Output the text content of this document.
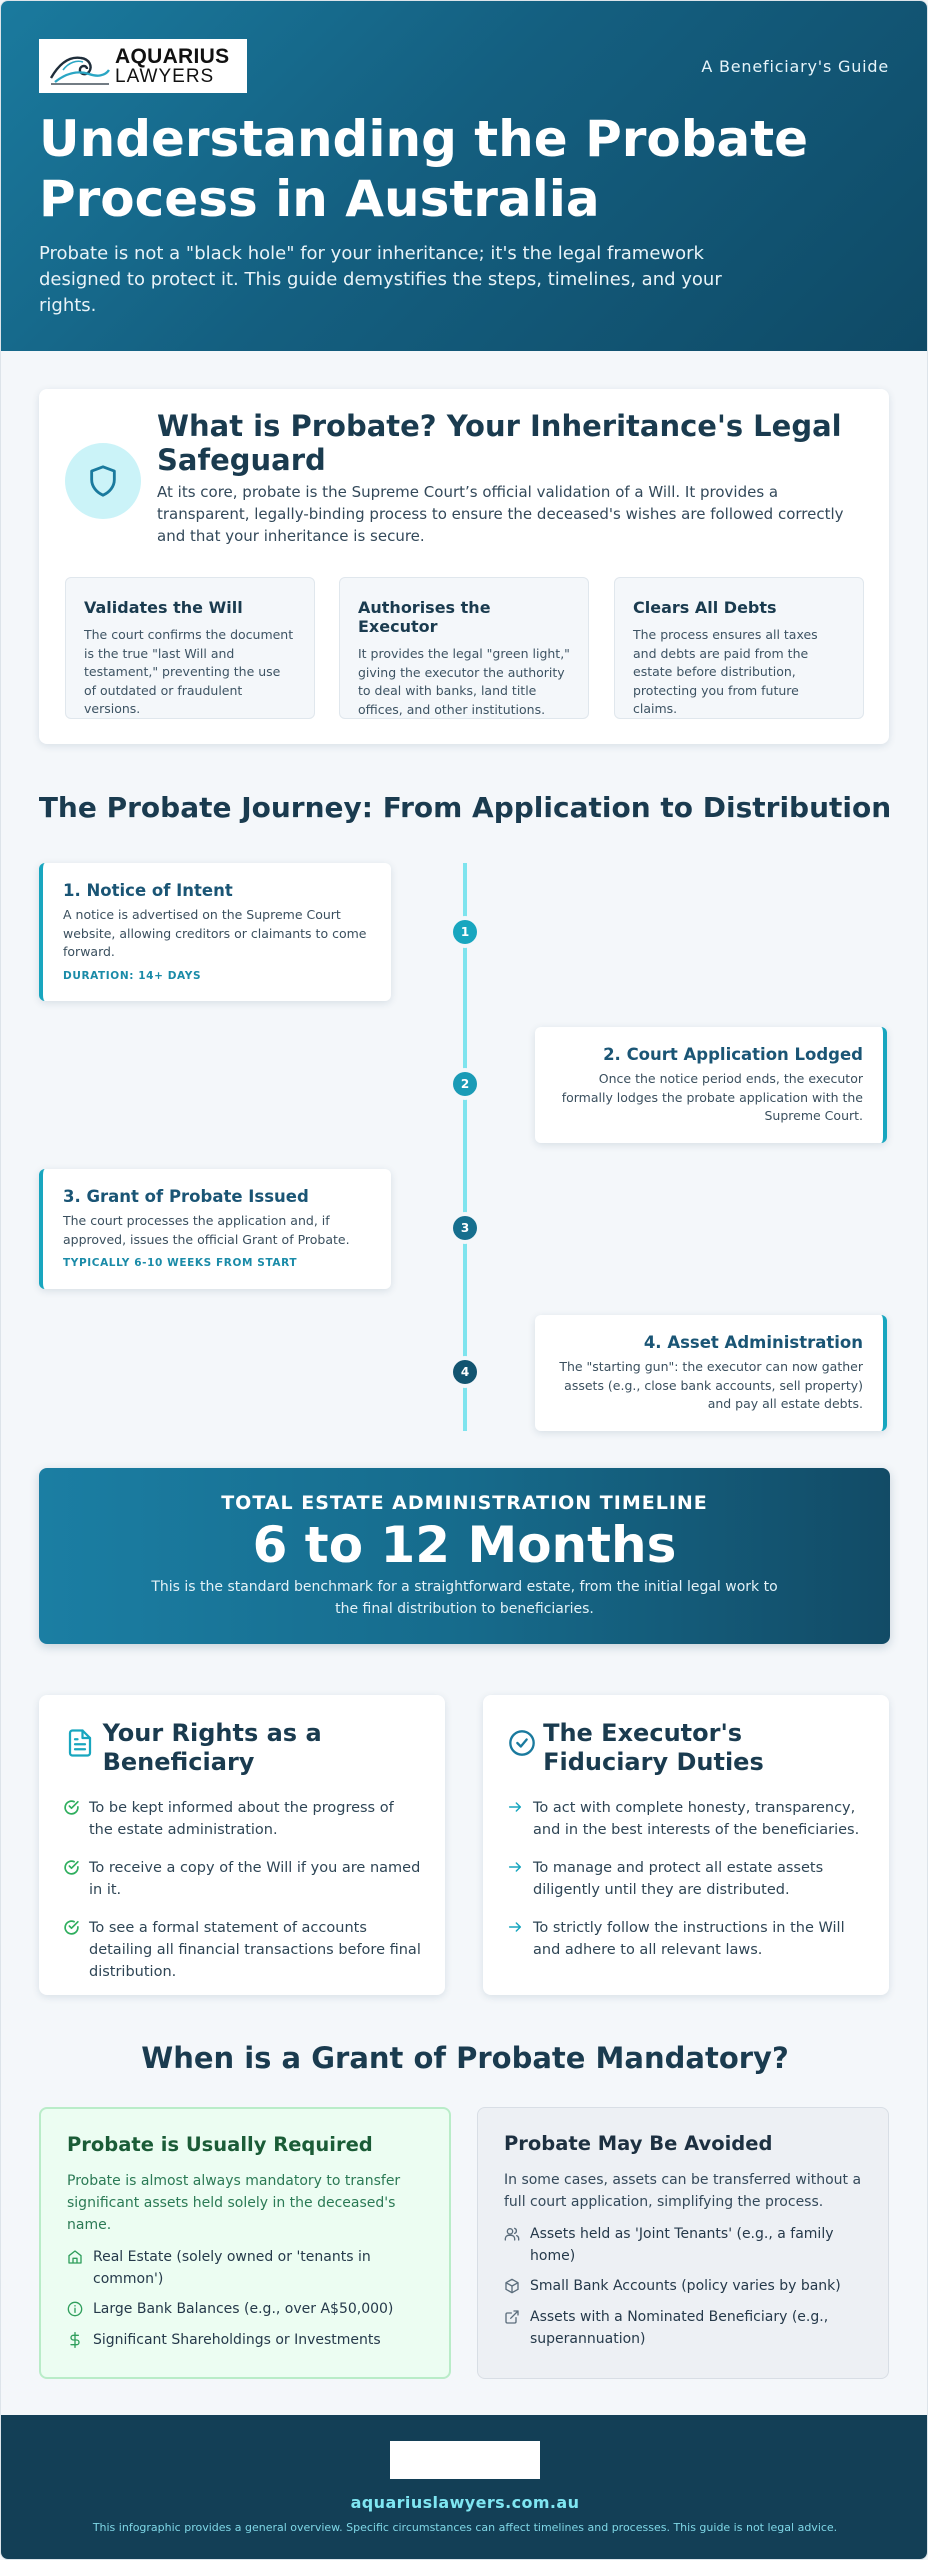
AQUARIUS
LAWYERS	A Beneficiary's Guide
Understanding the Probate Process in Australia

Probate is not a "black hole" for your inheritance; it's the legal framework designed to protect it. This guide demystifies the steps, timelines, and your rights.

What is Probate? Your Inheritance's Legal Safeguard

At its core, probate is the Supreme Court’s official validation of a Will. It provides a transparent, legally-binding process to ensure the deceased's wishes are followed correctly and that your inheritance is secure.

Validates the Will

The court confirms the document is the true "last Will and testament," preventing the use of outdated or fraudulent versions.

Authorises the Executor

It provides the legal "green light," giving the executor the authority to deal with banks, land title offices, and other institutions.

Clears All Debts

The process ensures all taxes and debts are paid from the estate before distribution, protecting you from future claims.

The Probate Journey: From Application to Distribution
1
2
3
4
1. Notice of Intent

A notice is advertised on the Supreme Court website, allowing creditors or claimants to come forward.

DURATION: 14+ DAYS
2. Court Application Lodged

Once the notice period ends, the executor formally lodges the probate application with the Supreme Court.

3. Grant of Probate Issued

The court processes the application and, if approved, issues the official Grant of Probate.

TYPICALLY 6-10 WEEKS FROM START
4. Asset Administration

The "starting gun": the executor can now gather assets (e.g., close bank accounts, sell property) and pay all estate debts.

TOTAL ESTATE ADMINISTRATION TIMELINE
6 to 12 Months
This is the standard benchmark for a straightforward estate, from the initial legal work to the final distribution to beneficiaries.
Your Rights as a Beneficiary
To be kept informed about the progress of the estate administration.
To receive a copy of the Will if you are named in it.
To see a formal statement of accounts detailing all financial transactions before final distribution.
The Executor's Fiduciary Duties
To act with complete honesty, transparency, and in the best interests of the beneficiaries.
To manage and protect all estate assets diligently until they are distributed.
To strictly follow the instructions in the Will and adhere to all relevant laws.
When is a Grant of Probate Mandatory?
Probate is Usually Required

Probate is almost always mandatory to transfer significant assets held solely in the deceased's name.

Real Estate (solely owned or 'tenants in common')
Large Bank Balances (e.g., over A$50,000)
Significant Shareholdings or Investments
Probate May Be Avoided

In some cases, assets can be transferred without a full court application, simplifying the process.

Assets held as 'Joint Tenants' (e.g., a family home)
Small Bank Accounts (policy varies by bank)
Assets with a Nominated Beneficiary (e.g., superannuation)
aquariuslawyers.com.au
This infographic provides a general overview. Specific circumstances can affect timelines and processes. This guide is not legal advice.
